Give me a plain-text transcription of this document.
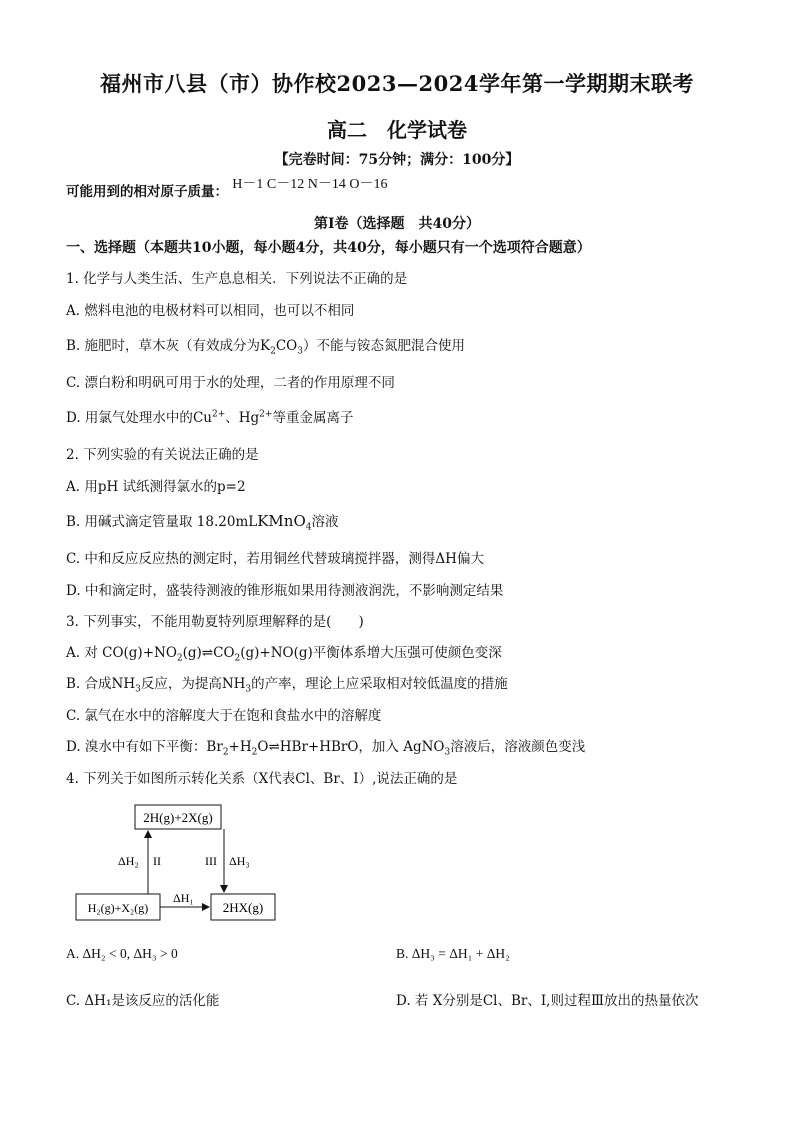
福州市八县（市）协作校2023—2024学年第一学期期末联考
高二　化学试卷
【完卷时间：75分钟；满分：100分】
可能用到的相对原子质量： H－1 C－12 N－14 O－16
第Ⅰ卷（选择题　共40分）
一、选择题（本题共10小题，每小题4分，共40分，每小题只有一个选项符合题意）
1. 化学与人类生活、生产息息相关．下列说法不正确的是
A. 燃料电池的电极材料可以相同，也可以不相同
B. 施肥时，草木灰（有效成分为$K_2CO_3$）不能与铵态氮肥混合使用
C. 漂白粉和明矾可用于水的处理，二者的作用原理不同
D. 用氯气处理水中的$Cu^{2+}$、$Hg^{2+}$等重金属离子
2. 下列实验的有关说法正确的是
A. 用pH 试纸测得氯水的p=2
B. 用碱式滴定管量取 18.20mLKMnO$_4$溶液
C. 中和反应反应热的测定时，若用铜丝代替玻璃搅拌器，测得ΔH偏大
D. 中和滴定时，盛装待测液的锥形瓶如果用待测液润洗，不影响测定结果
3. 下列事实，不能用勒夏特列原理解释的是(　　)
A. 对 $CO(g)+NO_2(g)\rightleftharpoons CO_2(g)+NO(g)$平衡体系增大压强可使颜色变深
B. 合成$NH_3$反应，为提高$NH_3$的产率，理论上应采取相对较低温度的措施
C. 氯气在水中的溶解度大于在饱和食盐水中的溶解度
D. 溴水中有如下平衡：$Br_2+H_2O\rightleftharpoons HBr+HBrO$，加入 AgNO$_3$溶液后，溶液颜色变浅
4. 下列关于如图所示转化关系（X代表Cl、Br、I）,说法正确的是
2H(g)+2X(g)
H₂(g)+X₂(g)	2HX(g)
ΔH₂ II	III ΔH₃
ΔH₁
A. ΔH₂ < 0, ΔH₃ > 0	B. ΔH₃ = ΔH₁ + ΔH₂
C. ΔH₁是该反应的活化能	D. 若 X分别是Cl、Br、I,则过程Ⅲ放出的热量依次
